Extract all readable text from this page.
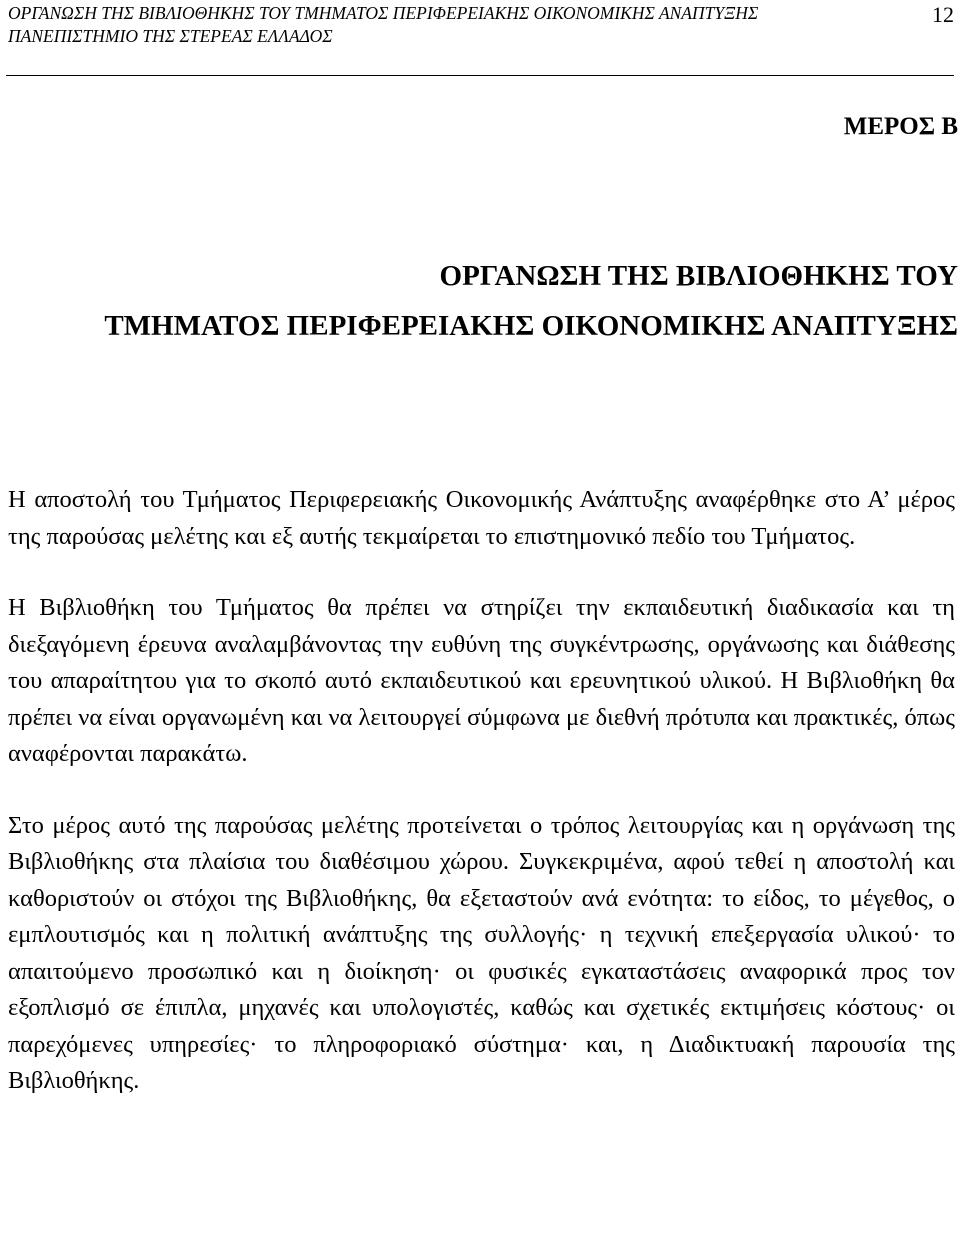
ΟΡΓΑΝΩΣΗ ΤΗΣ ΒΙΒΛΙΟΘΗΚΗΣ ΤΟΥ ΤΜΗΜΑΤΟΣ ΠΕΡΙΦΕΡΕΙΑΚΗΣ ΟΙΚΟΝΟΜΙΚΗΣ ΑΝΑΠΤΥΞΗΣ
ΠΑΝΕΠΙΣΤΗΜΙΟ ΤΗΣ ΣΤΕΡΕΑΣ ΕΛΛΑΔΟΣ
12
ΜΕΡΟΣ Β
ΟΡΓΑΝΩΣΗ ΤΗΣ ΒΙΒΛΙΟΘΗΚΗΣ ΤΟΥ
ΤΜΗΜΑΤΟΣ ΠΕΡΙΦΕΡΕΙΑΚΗΣ ΟΙΚΟΝΟΜΙΚΗΣ ΑΝΑΠΤΥΞΗΣ

Η αποστολή του Τμήματος Περιφερειακής Οικονομικής Ανάπτυξης αναφέρθηκε στο Α’ μέρος της παρούσας μελέτης και εξ αυτής τεκμαίρεται το επιστημονικό πεδίο του Τμήματος.

Η Βιβλιοθήκη του Τμήματος θα πρέπει να στηρίζει την εκπαιδευτική διαδικασία και τη διεξαγόμενη έρευνα αναλαμβάνοντας την ευθύνη της συγκέντρωσης, οργάνωσης και διάθεσης του απαραίτητου για το σκοπό αυτό εκπαιδευτικού και ερευνητικού υλικού. Η Βιβλιοθήκη θα πρέπει να είναι οργανωμένη και να λειτουργεί σύμφωνα με διεθνή πρότυπα και πρακτικές, όπως αναφέρονται παρακάτω.

Στο μέρος αυτό της παρούσας μελέτης προτείνεται ο τρόπος λειτουργίας και η οργάνωση της Βιβλιοθήκης στα πλαίσια του διαθέσιμου χώρου. Συγκεκριμένα, αφού τεθεί η αποστολή και καθοριστούν οι στόχοι της Βιβλιοθήκης, θα εξεταστούν ανά ενότητα: το είδος, το μέγεθος, ο εμπλουτισμός και η πολιτική ανάπτυξης της συλλογής· η τεχνική επεξεργασία υλικού· το απαιτούμενο προσωπικό και η διοίκηση· οι φυσικές εγκαταστάσεις αναφορικά προς τον εξοπλισμό σε έπιπλα, μηχανές και υπολογιστές, καθώς και σχετικές εκτιμήσεις κόστους· οι παρεχόμενες υπηρεσίες· το πληροφοριακό σύστημα· και, η Διαδικτυακή παρουσία της Βιβλιοθήκης.
